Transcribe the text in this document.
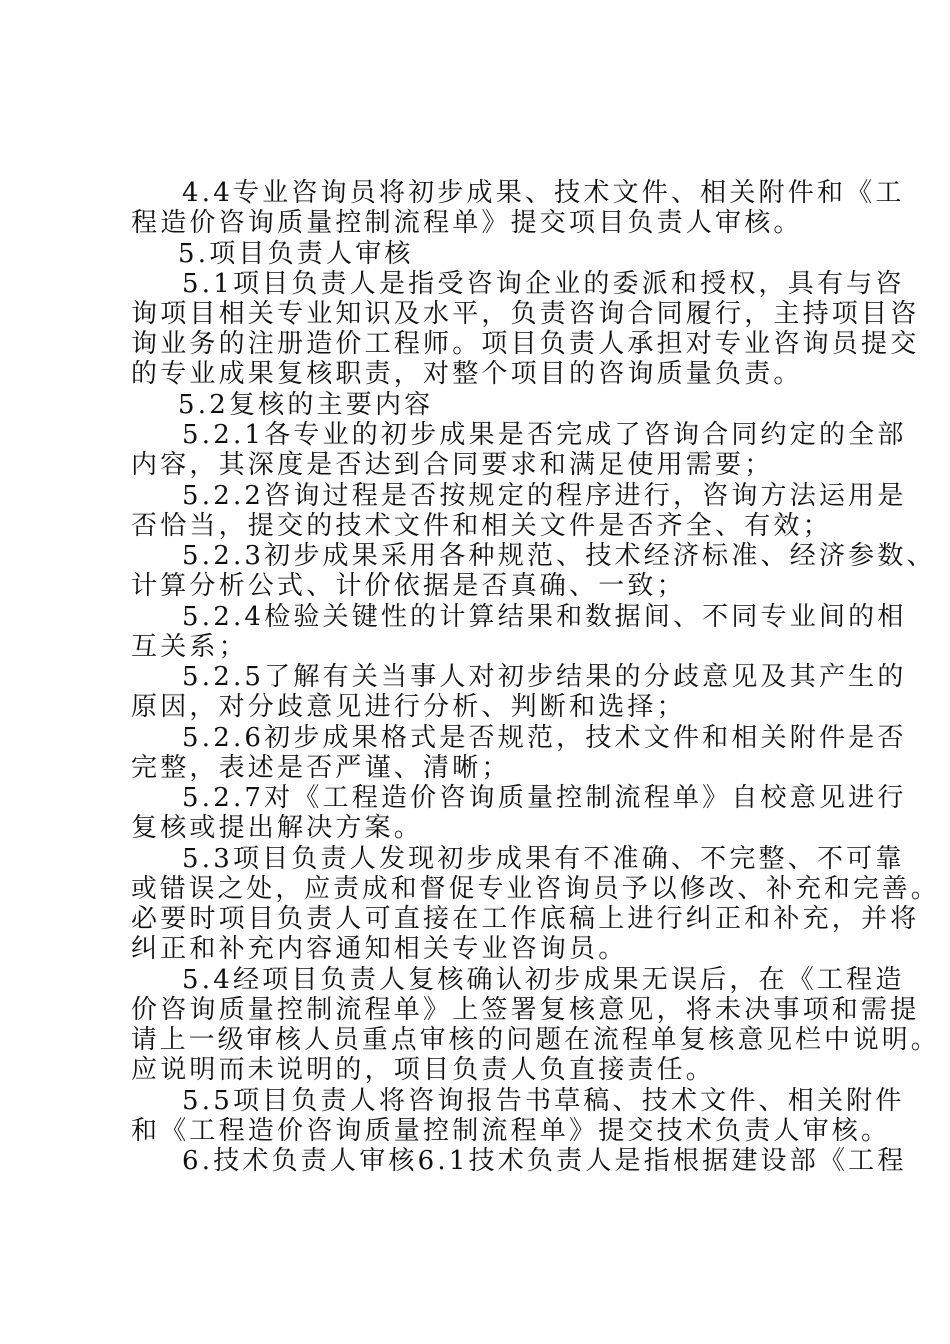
4.4专业咨询员将初步成果、技术文件、相关附件和《工
程造价咨询质量控制流程单》提交项目负责人审核。
5.项目负责人审核
5.1项目负责人是指受咨询企业的委派和授权，具有与咨
询项目相关专业知识及水平，负责咨询合同履行，主持项目咨
询业务的注册造价工程师。项目负责人承担对专业咨询员提交
的专业成果复核职责，对整个项目的咨询质量负责。
5.2复核的主要内容
5.2.1各专业的初步成果是否完成了咨询合同约定的全部
内容，其深度是否达到合同要求和满足使用需要；
5.2.2咨询过程是否按规定的程序进行，咨询方法运用是
否恰当，提交的技术文件和相关文件是否齐全、有效；
5.2.3初步成果采用各种规范、技术经济标准、经济参数、
计算分析公式、计价依据是否真确、一致；
5.2.4检验关键性的计算结果和数据间、不同专业间的相
互关系；
5.2.5了解有关当事人对初步结果的分歧意见及其产生的
原因，对分歧意见进行分析、判断和选择；
5.2.6初步成果格式是否规范，技术文件和相关附件是否
完整，表述是否严谨、清晰；
5.2.7对《工程造价咨询质量控制流程单》自校意见进行
复核或提出解决方案。
5.3项目负责人发现初步成果有不准确、不完整、不可靠
或错误之处，应责成和督促专业咨询员予以修改、补充和完善。
必要时项目负责人可直接在工作底稿上进行纠正和补充，并将
纠正和补充内容通知相关专业咨询员。
5.4经项目负责人复核确认初步成果无误后，在《工程造
价咨询质量控制流程单》上签署复核意见，将未决事项和需提
请上一级审核人员重点审核的问题在流程单复核意见栏中说明。
应说明而未说明的，项目负责人负直接责任。
5.5项目负责人将咨询报告书草稿、技术文件、相关附件
和《工程造价咨询质量控制流程单》提交技术负责人审核。
6.技术负责人审核6.1技术负责人是指根据建设部《工程
